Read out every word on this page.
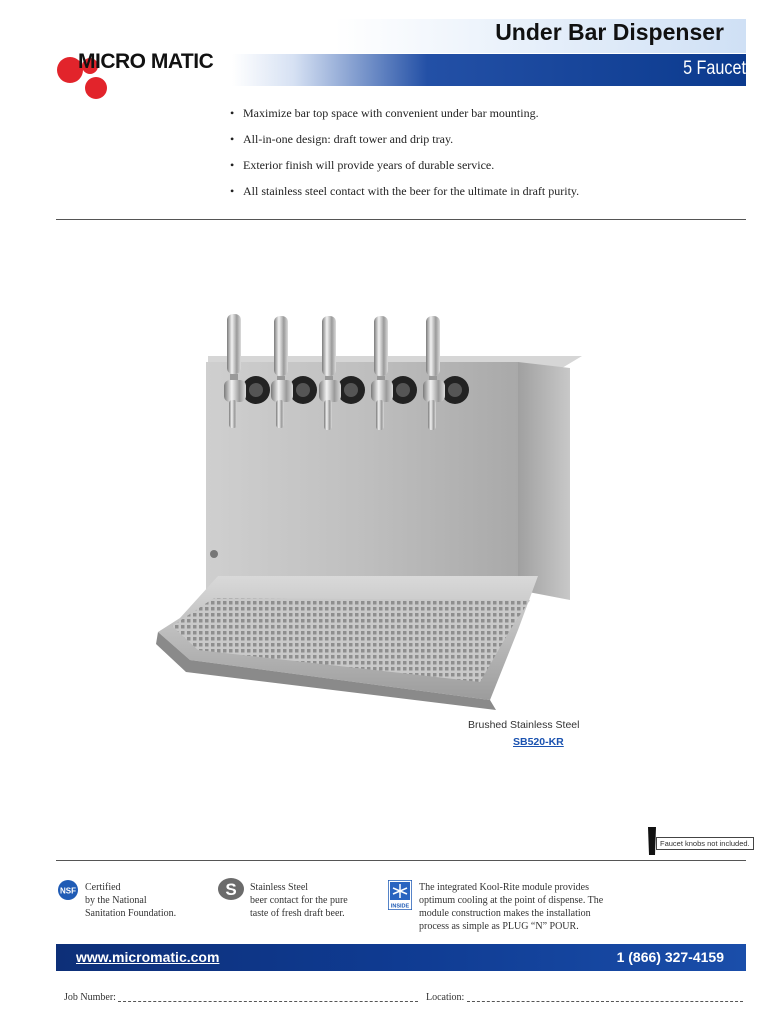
MICRO MATIC
Under Bar Dispenser
5 Faucet
• Maximize bar top space with convenient under bar mounting.
• All-in-one design: draft tower and drip tray.
• Exterior finish will provide years of durable service.
• All stainless steel contact with the beer for the ultimate in draft purity.
Brushed Stainless Steel
SB520-KR
Faucet knobs not included.
NSF Certified
by the National
Sanitation Foundation.
S Stainless Steel
beer contact for the pure
taste of fresh draft beer.
INSIDE
The integrated Kool-Rite module provides
optimum cooling at the point of dispense. The
module construction makes the installation
process as simple as PLUG “N” POUR.
www.micromatic.com	1 (866) 327-4159
Job Number:	Location:
